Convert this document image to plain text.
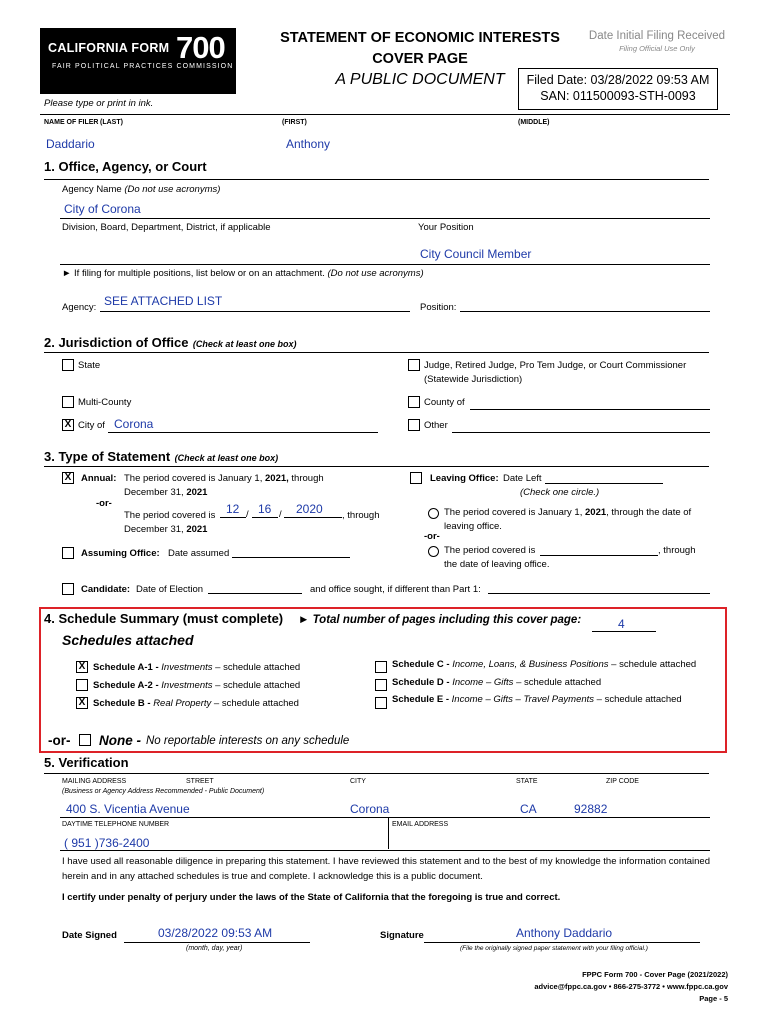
CALIFORNIA FORM 700
FAIR POLITICAL PRACTICES COMMISSION
STATEMENT OF ECONOMIC INTERESTS
COVER PAGE
A PUBLIC DOCUMENT
Date Initial Filing Received
Filing Official Use Only
Filed Date: 03/28/2022 09:53 AM
SAN: 011500093-STH-0093
Please type or print in ink.
NAME OF FILER (LAST)	(FIRST)	(MIDDLE)
Daddario	Anthony
1. Office, Agency, or Court
Agency Name (Do not use acronyms)
City of Corona
Division, Board, Department, District, if applicable	Your Position
City Council Member
► If filing for multiple positions, list below or on an attachment. (Do not use acronyms)
Agency: SEE ATTACHED LIST	Position:
2. Jurisdiction of Office (Check at least one box)
State	Judge, Retired Judge, Pro Tem Judge, or Court Commissioner
(Statewide Jurisdiction)
Multi-County	County of
X City of Corona	Other
3. Type of Statement (Check at least one box)
X Annual: The period covered is January 1, 2021, through
December 31, 2021
-or-
The period covered is 12 / 16 / 2020 , through
December 31, 2021
Assuming Office: Date assumed
Leaving Office: Date Left
(Check one circle.)
The period covered is January 1, 2021, through the date of
leaving office.
-or-
The period covered is	, through
the date of leaving office.
Candidate: Date of Election	and office sought, if different than Part 1:
4. Schedule Summary (must complete) ► Total number of pages including this cover page:	4
Schedules attached
X Schedule A-1 - Investments – schedule attached
Schedule A-2 - Investments – schedule attached
X Schedule B - Real Property – schedule attached
Schedule C - Income, Loans, & Business Positions – schedule attached
Schedule D - Income – Gifts – schedule attached
Schedule E - Income – Gifts – Travel Payments – schedule attached
-or- None - No reportable interests on any schedule
5. Verification
MAILING ADDRESS	STREET	CITY	STATE	ZIP CODE
(Business or Agency Address Recommended - Public Document)
400 S. Vicentia Avenue	Corona	CA	92882
DAYTIME TELEPHONE NUMBER	EMAIL ADDRESS
( 951 )736-2400
I have used all reasonable diligence in preparing this statement. I have reviewed this statement and to the best of my knowledge the information contained
herein and in any attached schedules is true and complete. I acknowledge this is a public document.
I certify under penalty of perjury under the laws of the State of California that the foregoing is true and correct.
Date Signed	03/28/2022 09:53 AM
(month, day, year)
Signature	Anthony Daddario
(File the originally signed paper statement with your filing official.)
FPPC Form 700 - Cover Page (2021/2022)
advice@fppc.ca.gov • 866-275-3772 • www.fppc.ca.gov
Page - 5
